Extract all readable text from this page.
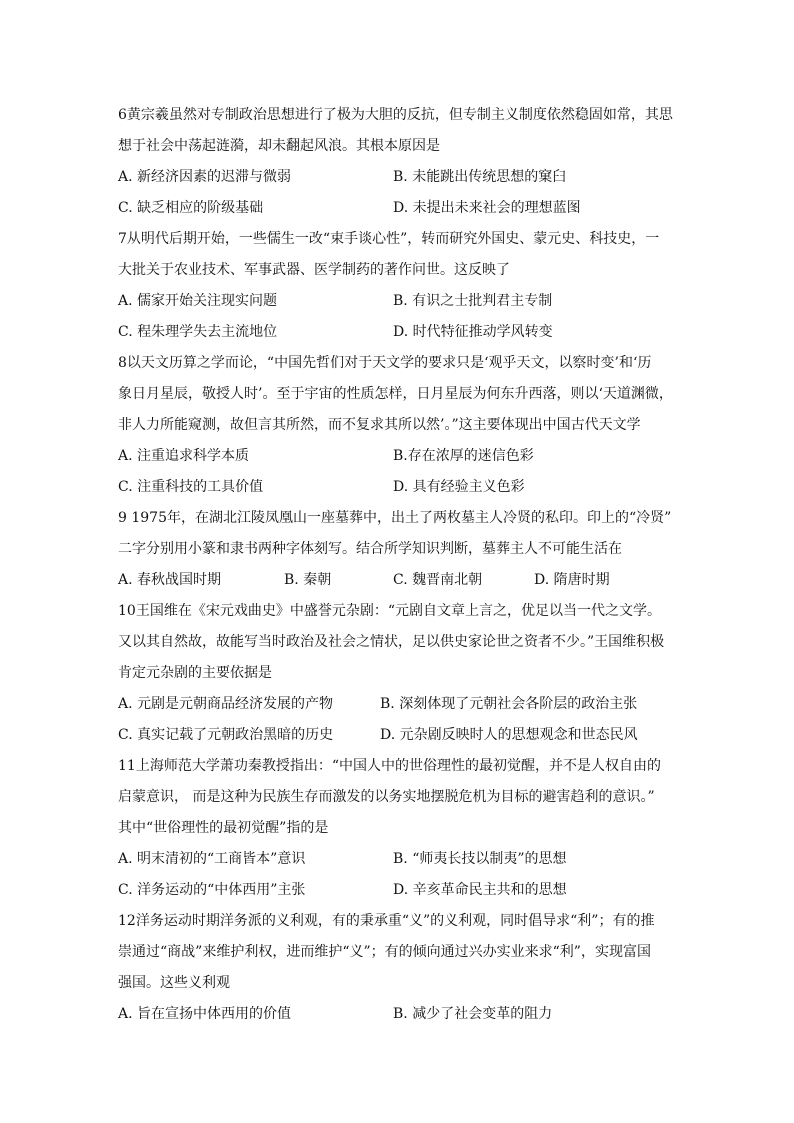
6黄宗羲虽然对专制政治思想进行了极为大胆的反抗，但专制主义制度依然稳固如常，其思
想于社会中荡起涟漪，却未翻起风浪。其根本原因是
A. 新经济因素的迟滞与微弱	B. 未能跳出传统思想的窠臼
C. 缺乏相应的阶级基础	D. 未提出未来社会的理想蓝图
7从明代后期开始，一些儒生一改“束手谈心性”，转而研究外国史、蒙元史、科技史，一
大批关于农业技术、军事武器、医学制药的著作问世。这反映了
A. 儒家开始关注现实问题	B. 有识之士批判君主专制
C. 程朱理学失去主流地位	D. 时代特征推动学风转变
8以天文历算之学而论，“中国先哲们对于天文学的要求只是‘观乎天文，以察时变’和‘历
象日月星辰，敬授人时’。至于宇宙的性质怎样，日月星辰为何东升西落，则以‘天道渊微，
非人力所能窥测，故但言其所然，而不复求其所以然’。”这主要体现出中国古代天文学
A. 注重追求科学本质	B.存在浓厚的迷信色彩
C. 注重科技的工具价值	D. 具有经验主义色彩
9 1975年，在湖北江陵凤凰山一座墓葬中，出土了两枚墓主人冷贤的私印。印上的“冷贤”
二字分别用小篆和隶书两种字体刻写。结合所学知识判断，墓葬主人不可能生活在
A. 春秋战国时期	B. 秦朝	C. 魏晋南北朝	D. 隋唐时期
10王国维在《宋元戏曲史》中盛誉元杂剧：“元剧自文章上言之，优足以当一代之文学。
又以其自然故，故能写当时政治及社会之情状，足以供史家论世之资者不少。”王国维积极
肯定元杂剧的主要依据是
A. 元剧是元朝商品经济发展的产物	B. 深刻体现了元朝社会各阶层的政治主张
C. 真实记载了元朝政治黑暗的历史	D. 元杂剧反映时人的思想观念和世态民风
11上海师范大学萧功秦教授指出：“中国人中的世俗理性的最初觉醒，并不是人权自由的
启蒙意识， 而是这种为民族生存而激发的以务实地摆脱危机为目标的避害趋利的意识。”
其中“世俗理性的最初觉醒”指的是
A. 明末清初的“工商皆本”意识	B. “师夷长技以制夷”的思想
C. 洋务运动的“中体西用”主张	D. 辛亥革命民主共和的思想
12洋务运动时期洋务派的义利观，有的秉承重“义”的义利观，同时倡导求“利”；有的推
崇通过“商战”来维护利权，进而维护“义”；有的倾向通过兴办实业来求“利”，实现富国
强国。这些义利观
A. 旨在宣扬中体西用的价值	B. 减少了社会变革的阻力
